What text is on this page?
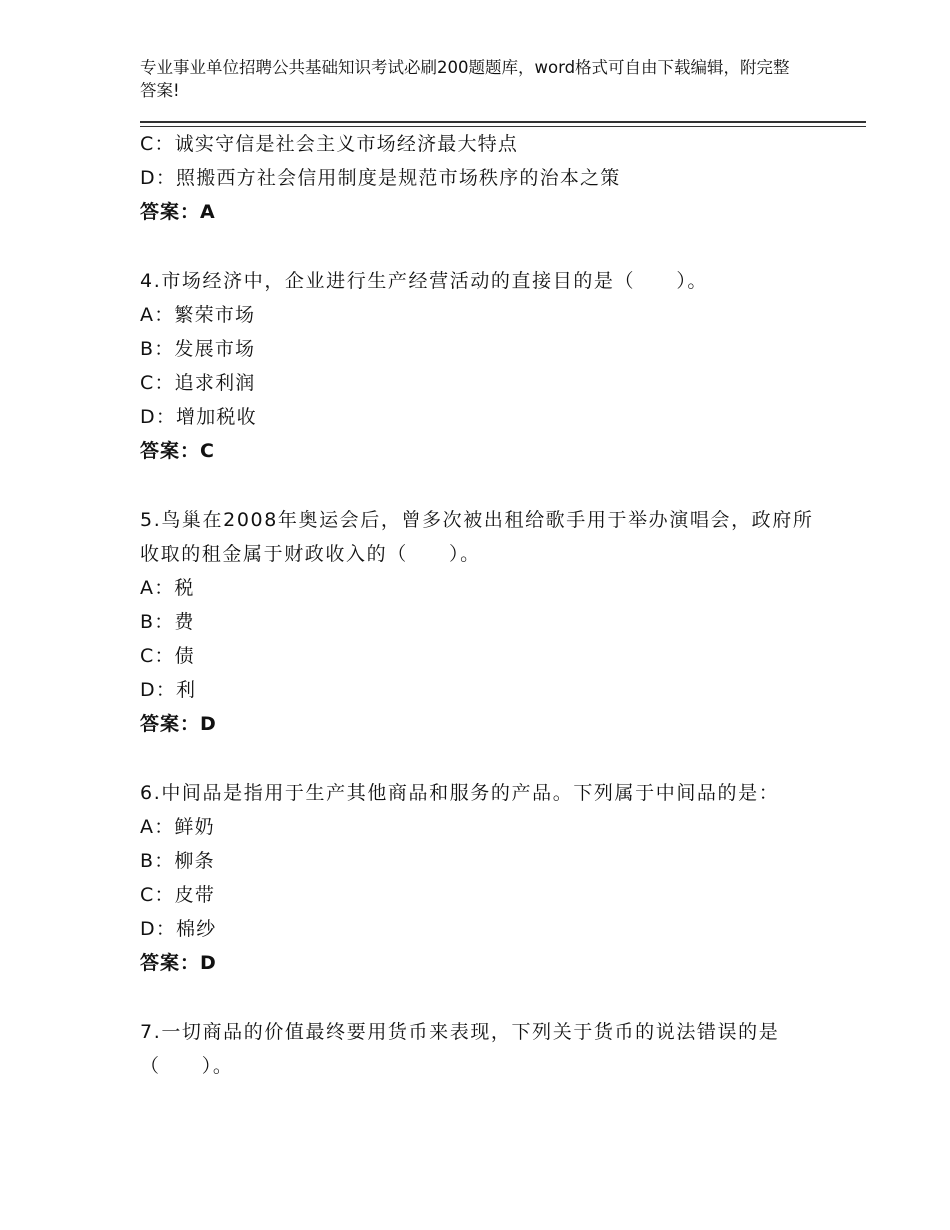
专业事业单位招聘公共基础知识考试必刷200题题库，word格式可自由下载编辑，附完整答案!
C：诚实守信是社会主义市场经济最大特点
D：照搬西方社会信用制度是规范市场秩序的治本之策
答案：A
4.市场经济中，企业进行生产经营活动的直接目的是（　　）。
A：繁荣市场
B：发展市场
C：追求利润
D：增加税收
答案：C
5.鸟巢在2008年奥运会后，曾多次被出租给歌手用于举办演唱会，政府所收取的租金属于财政收入的（　　）。
A：税
B：费
C：债
D：利
答案：D
6.中间品是指用于生产其他商品和服务的产品。下列属于中间品的是：
A：鲜奶
B：柳条
C：皮带
D：棉纱
答案：D
7.一切商品的价值最终要用货币来表现，下列关于货币的说法错误的是（　　）。
